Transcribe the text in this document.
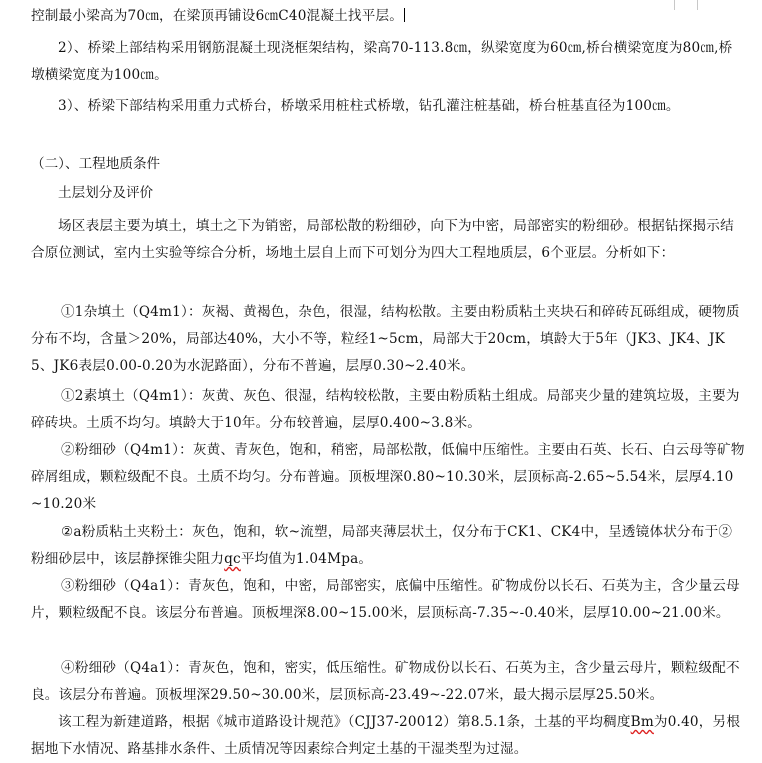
控制最小梁高为70㎝，在梁顶再铺设6㎝C40混凝土找平层。

2）、桥梁上部结构采用钢筋混凝土现浇框架结构，梁高70-113.8㎝，纵梁宽度为60㎝,桥台横梁宽度为80㎝,桥墩横梁宽度为100㎝。

3）、桥梁下部结构采用重力式桥台，桥墩采用桩柱式桥墩，钻孔灌注桩基础，桥台桩基直径为100㎝。

（二）、工程地质条件

土层划分及评价

场区表层主要为填土，填土之下为销密，局部松散的粉细砂，向下为中密，局部密实的粉细砂。根据钻探揭示结合原位测试，室内土实验等综合分析，场地土层自上而下可划分为四大工程地质层，6个亚层。分析如下：

①1杂填土（Q4m1）：灰褐、黄褐色，杂色，很湿，结构松散。主要由粉质粘土夹块石和碎砖瓦砾组成，硬物质分布不均，含量＞20%，局部达40%，大小不等，粒经1~5cm，局部大于20cm，填龄大于5年（JK3、JK4、JK5、JK6表层0.00-0.20为水泥路面），分布不普遍，层厚0.30~2.40米。

①2素填土（Q4m1）：灰黄、灰色、很湿，结构较松散，主要由粉质粘土组成。局部夹少量的建筑垃圾，主要为碎砖块。土质不均匀。填龄大于10年。分布较普遍，层厚0.400~3.8米。

②粉细砂（Q4m1）：灰黄、青灰色，饱和，稍密，局部松散，低偏中压缩性。主要由石英、长石、白云母等矿物碎屑组成，颗粒级配不良。土质不均匀。分布普遍。顶板埋深0.80~10.30米，层顶标高-2.65~5.54米，层厚4.10~10.20米

②a粉质粘土夹粉土：灰色，饱和，软~流塑，局部夹薄层状土，仅分布于CK1、CK4中，呈透镜体状分布于②粉细砂层中，该层静探锥尖阻力qc平均值为1.04Mpa。

③粉细砂（Q4a1）：青灰色，饱和，中密，局部密实，底偏中压缩性。矿物成份以长石、石英为主，含少量云母片，颗粒级配不良。该层分布普遍。顶板埋深8.00~15.00米，层顶标高-7.35~-0.40米，层厚10.00~21.00米。

④粉细砂（Q4a1）：青灰色，饱和，密实，低压缩性。矿物成份以长石、石英为主，含少量云母片，颗粒级配不良。该层分布普遍。顶板埋深29.50~30.00米，层顶标高-23.49~-22.07米，最大揭示层厚25.50米。

该工程为新建道路，根据《城市道路设计规范》（CJJ37-20012）第8.5.1条，土基的平均稠度Bm为0.40，另根据地下水情况、路基排水条件、土质情况等因素综合判定土基的干湿类型为过湿。
